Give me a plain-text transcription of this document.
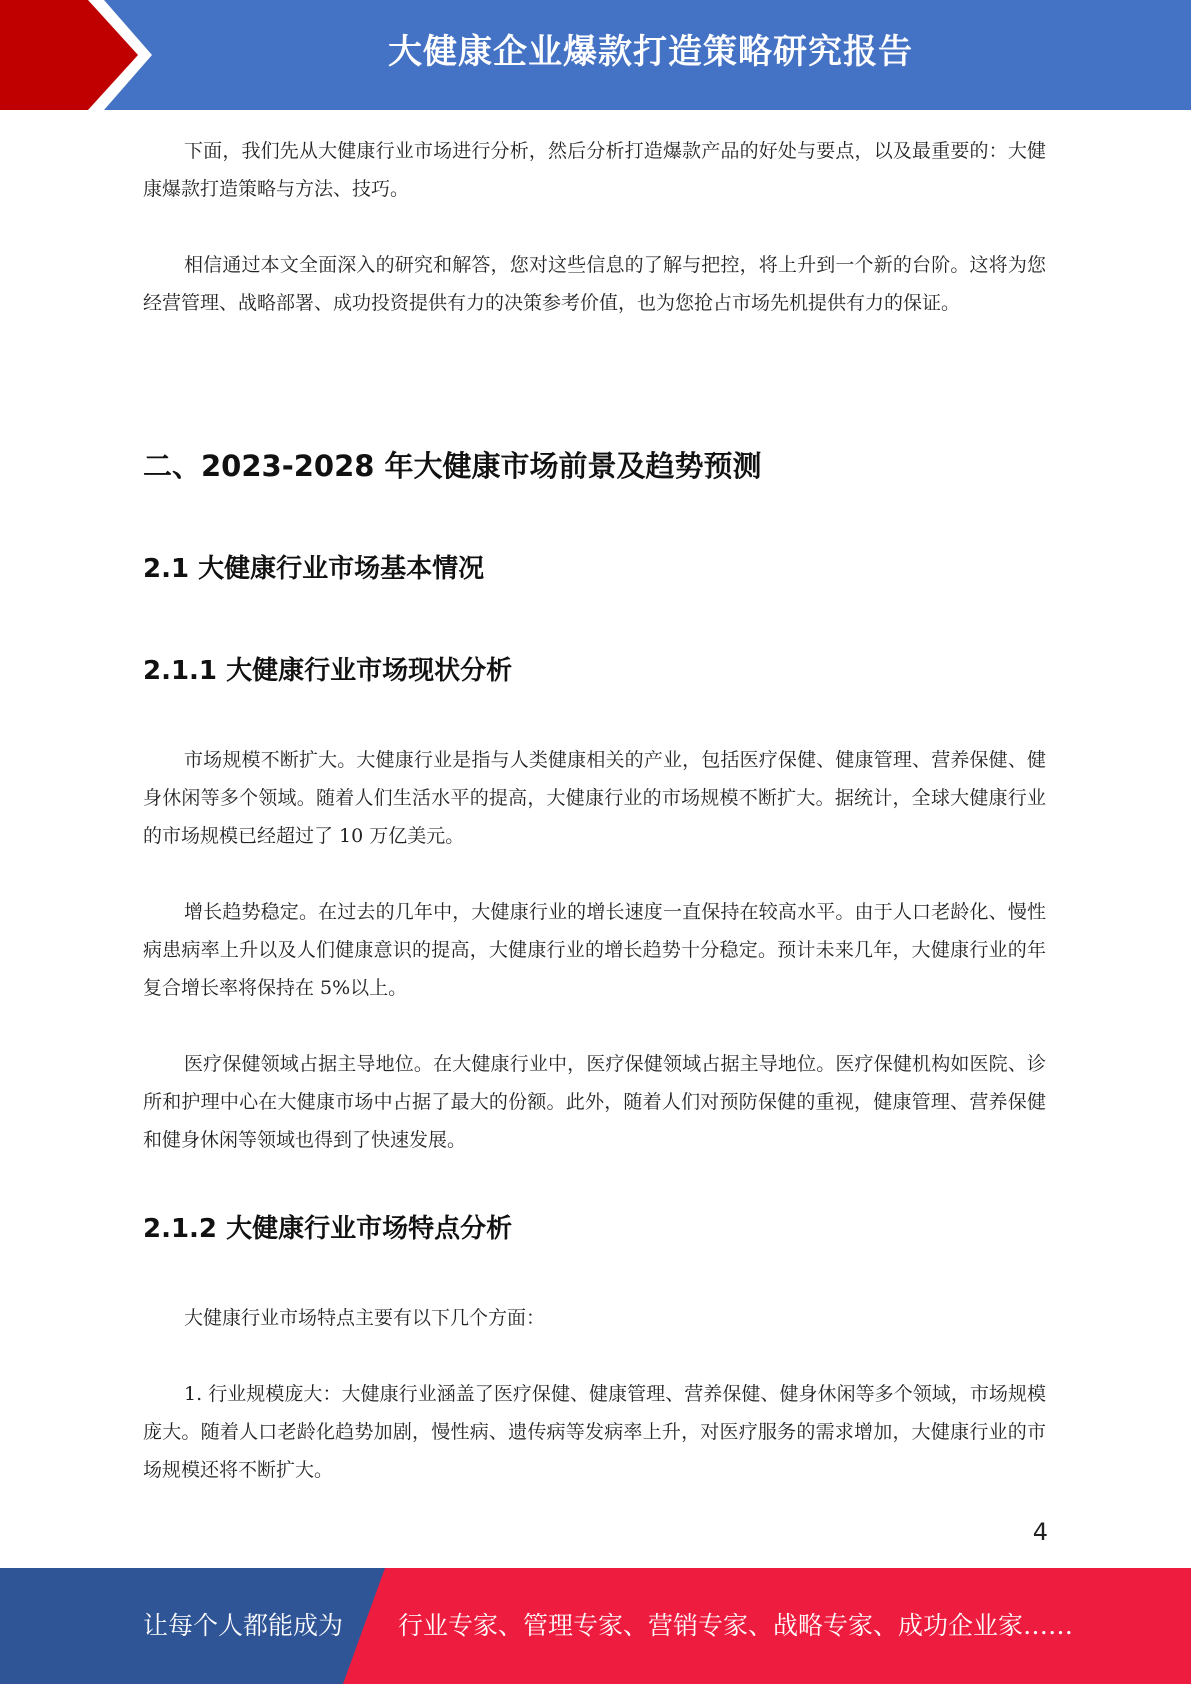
大健康企业爆款打造策略研究报告

下面，我们先从大健康行业市场进行分析，然后分析打造爆款产品的好处与要点，以及最重要的：大健康爆款打造策略与方法、技巧。

相信通过本文全面深入的研究和解答，您对这些信息的了解与把控，将上升到一个新的台阶。这将为您经营管理、战略部署、成功投资提供有力的决策参考价值，也为您抢占市场先机提供有力的保证。

二、2023-2028 年大健康市场前景及趋势预测
2.1 大健康行业市场基本情况
2.1.1 大健康行业市场现状分析

市场规模不断扩大。大健康行业是指与人类健康相关的产业，包括医疗保健、健康管理、营养保健、健身休闲等多个领域。随着人们生活水平的提高，大健康行业的市场规模不断扩大。据统计，全球大健康行业的市场规模已经超过了 10 万亿美元。

增长趋势稳定。在过去的几年中，大健康行业的增长速度一直保持在较高水平。由于人口老龄化、慢性病患病率上升以及人们健康意识的提高，大健康行业的增长趋势十分稳定。预计未来几年，大健康行业的年复合增长率将保持在 5%以上。

医疗保健领域占据主导地位。在大健康行业中，医疗保健领域占据主导地位。医疗保健机构如医院、诊所和护理中心在大健康市场中占据了最大的份额。此外，随着人们对预防保健的重视，健康管理、营养保健和健身休闲等领域也得到了快速发展。

2.1.2 大健康行业市场特点分析

大健康行业市场特点主要有以下几个方面：

1. 行业规模庞大：大健康行业涵盖了医疗保健、健康管理、营养保健、健身休闲等多个领域，市场规模庞大。随着人口老龄化趋势加剧，慢性病、遗传病等发病率上升，对医疗服务的需求增加，大健康行业的市场规模还将不断扩大。

4
让每个人都能成为 行业专家、管理专家、营销专家、战略专家、成功企业家……
